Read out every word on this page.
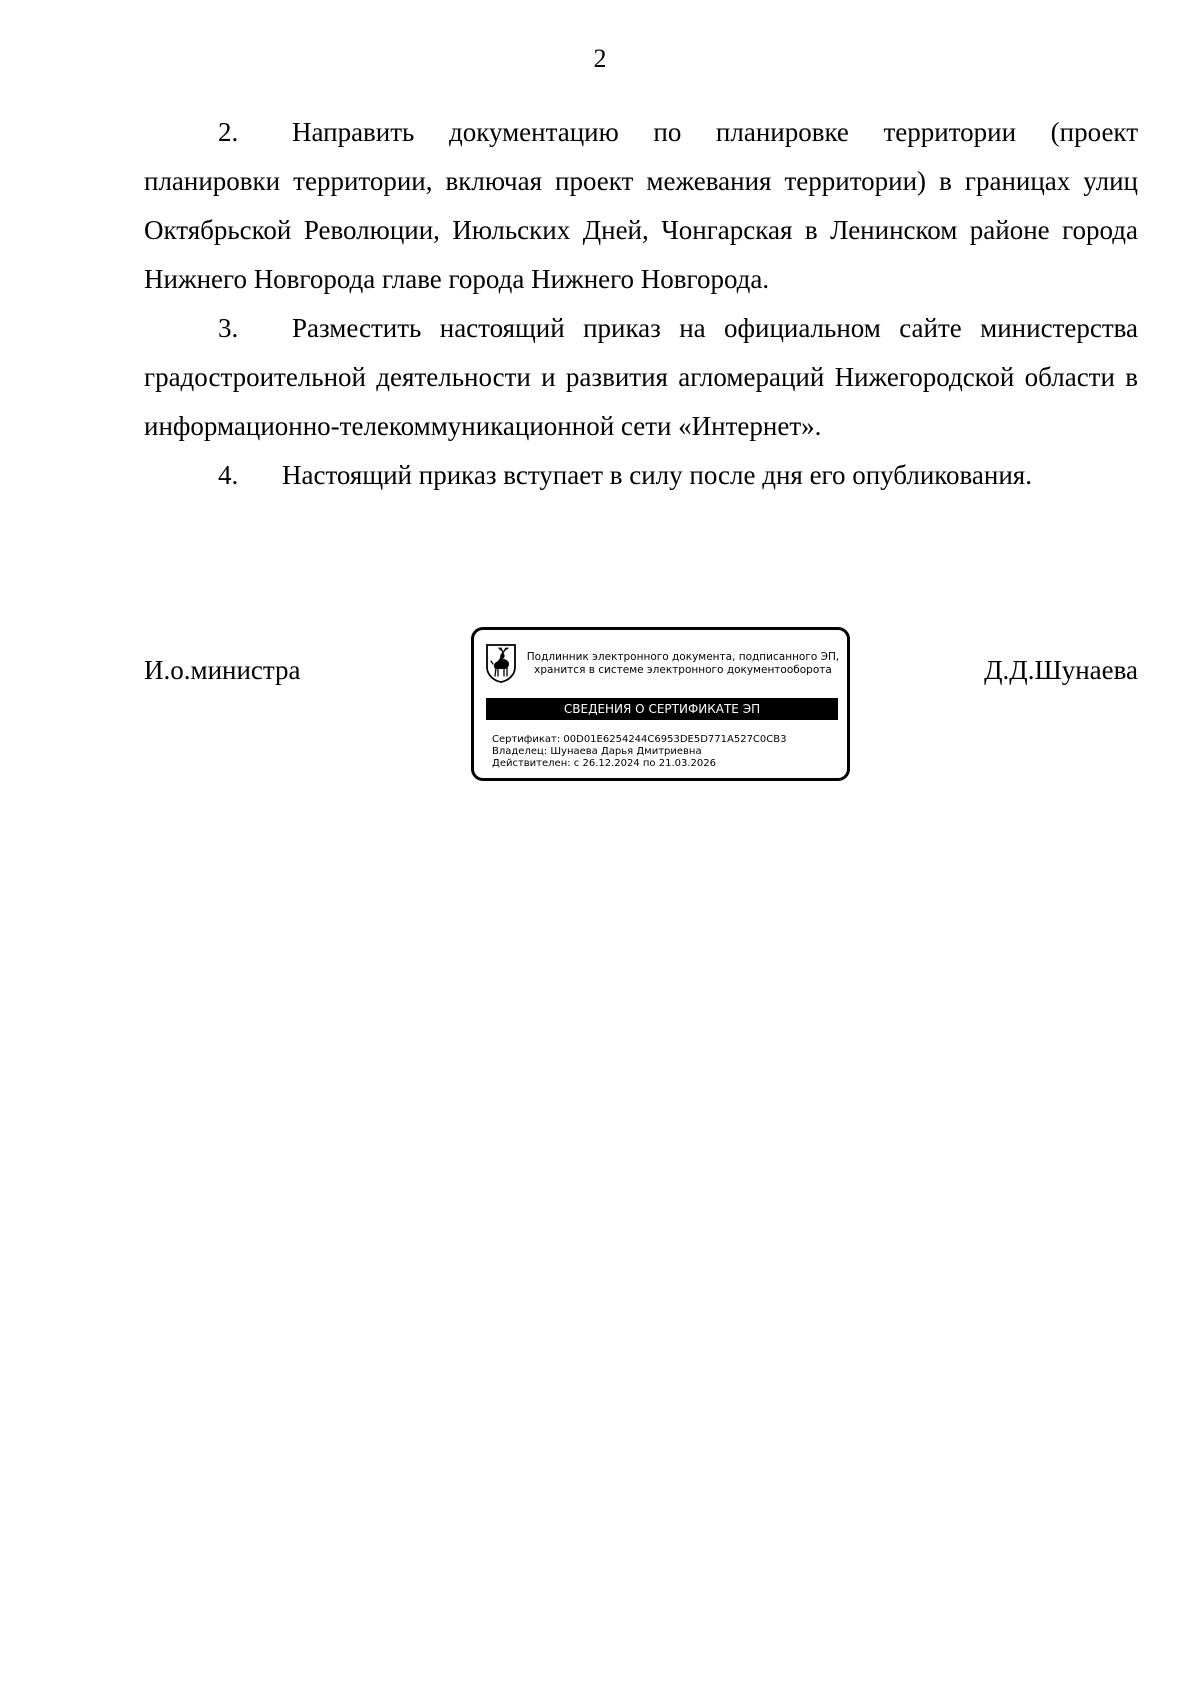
2

2. Направить документацию по планировке территории (проект планировки территории, включая проект межевания территории) в границах улиц Октябрьской Революции, Июльских Дней, Чонгарская в Ленинском районе города Нижнего Новгорода главе города Нижнего Новгорода.

3. Разместить настоящий приказ на официальном сайте министерства градостроительной деятельности и развития агломераций Нижегородской области в информационно-телекоммуникационной сети «Интернет».

4. Настоящий приказ вступает в силу после дня его опубликования.

И.о.министра	Подлинник электронного документа, подписанного ЭП,
хранится в системе электронного документооборота
СВЕДЕНИЯ О СЕРТИФИКАТЕ ЭП
Сертификат: 00D01E6254244C6953DE5D771A527C0CB3
Владелец: Шунаева Дарья Дмитриевна
Действителен: с 26.12.2024 по 21.03.2026
Д.Д.Шунаева
